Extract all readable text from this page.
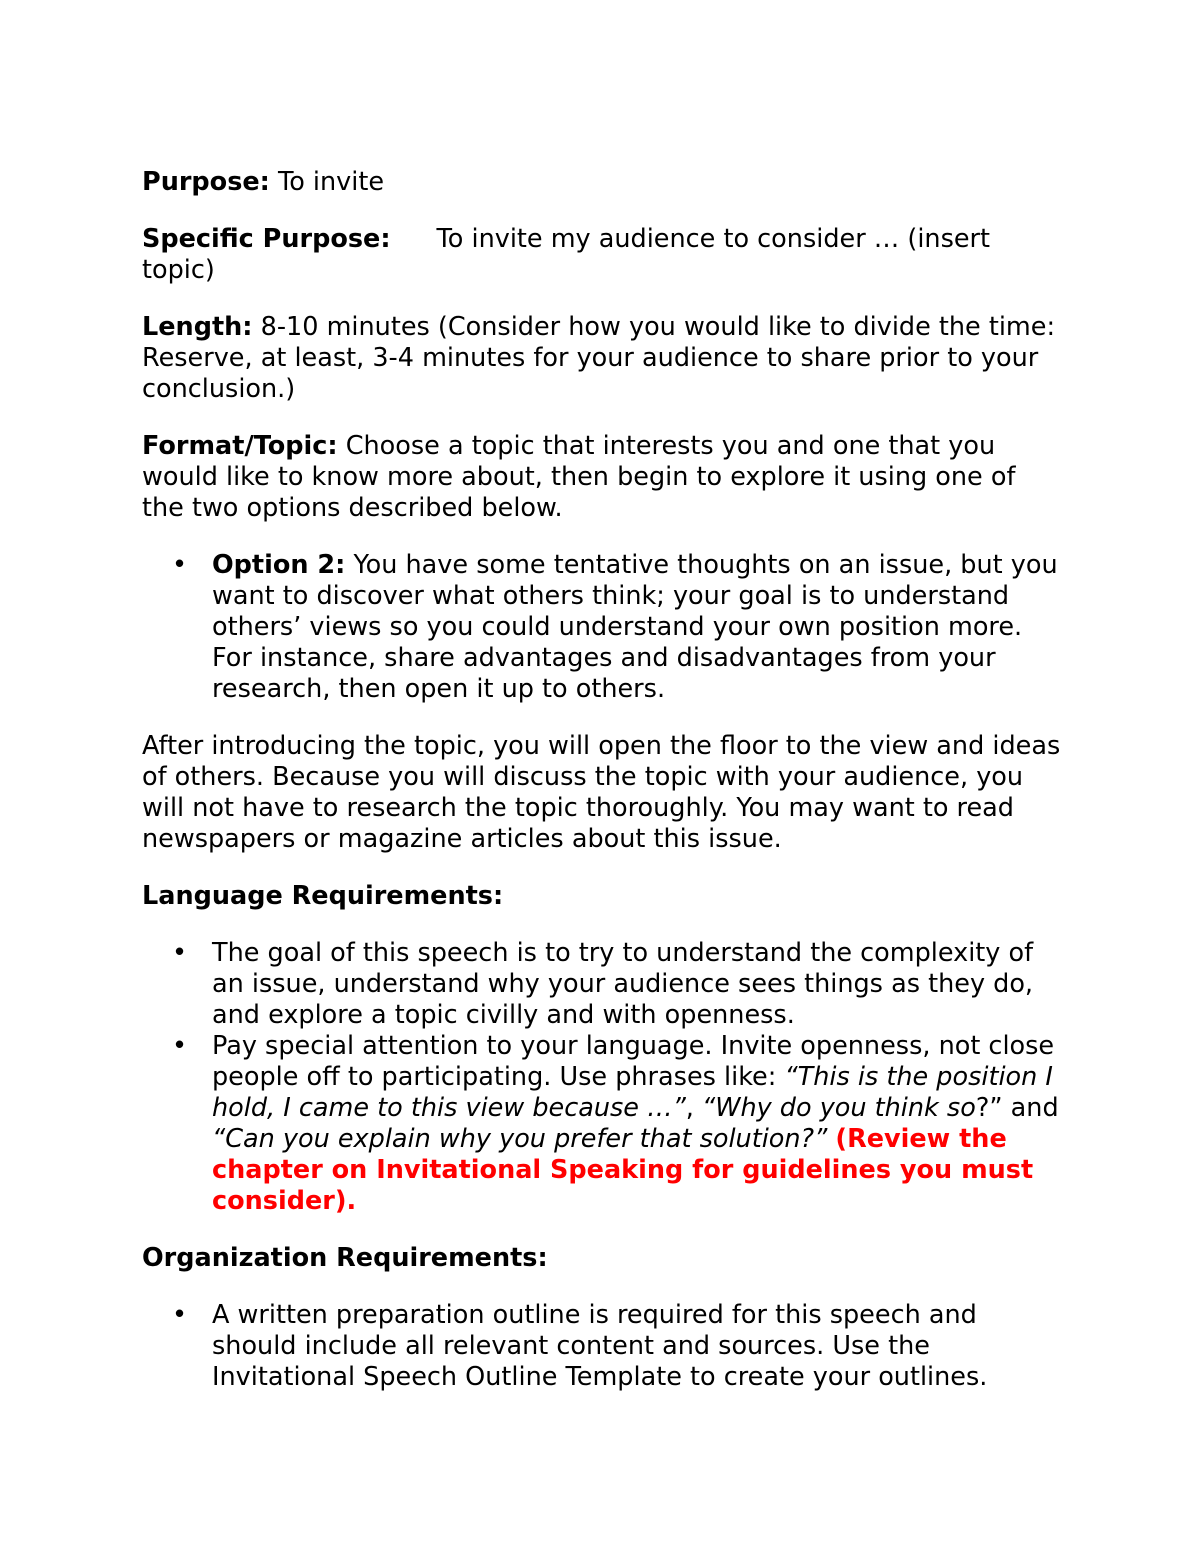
Purpose: To invite

Specific Purpose: To invite my audience to consider … (insert topic)

Length: 8-10 minutes (Consider how you would like to divide the time: Reserve, at least, 3-4 minutes for your audience to share prior to your conclusion.)

Format/Topic: Choose a topic that interests you and one that you would like to know more about, then begin to explore it using one of the two options described below.

• Option 2: You have some tentative thoughts on an issue, but you want to discover what others think; your goal is to understand others’ views so you could understand your own position more. For instance, share advantages and disadvantages from your research, then open it up to others.

After introducing the topic, you will open the floor to the view and ideas of others. Because you will discuss the topic with your audience, you will not have to research the topic thoroughly. You may want to read newspapers or magazine articles about this issue.

Language Requirements:

• The goal of this speech is to try to understand the complexity of an issue, understand why your audience sees things as they do, and explore a topic civilly and with openness.
• Pay special attention to your language. Invite openness, not close people off to participating. Use phrases like: “This is the position I hold, I came to this view because …”, “Why do you think so?” and “Can you explain why you prefer that solution?” (Review the chapter on Invitational Speaking for guidelines you must consider).

Organization Requirements:

• A written preparation outline is required for this speech and should include all relevant content and sources. Use the Invitational Speech Outline Template to create your outlines.
